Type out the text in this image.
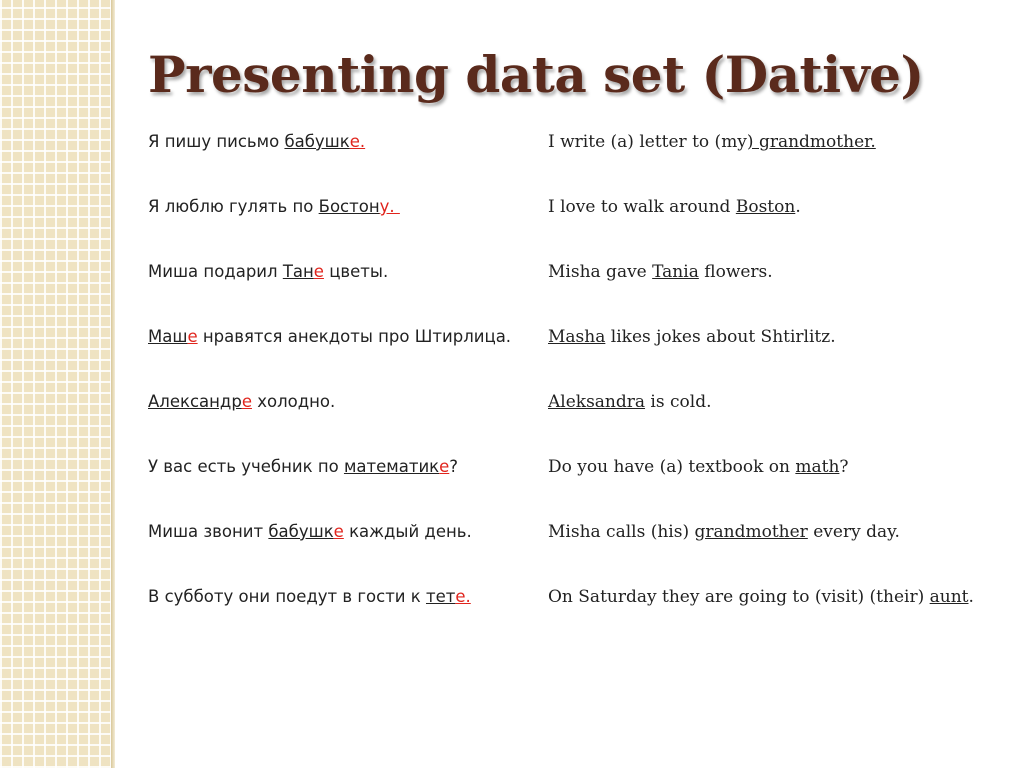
Presenting data set (Dative)
Я пишу письмо бабушке.
Я люблю гулять по Бостону.
Миша подарил Тане цветы.
Маше нравятся анекдоты про Штирлица.
Александре холодно.
У вас есть учебник по математике?
Миша звонит бабушке каждый день.
В субботу они поедут в гости к тете.
I write (a) letter to (my) grandmother.
I love to walk around Boston.
Misha gave Tania flowers.
Masha likes jokes about Shtirlitz.
Aleksandra is cold.
Do you have (a) textbook on math?
Misha calls (his) grandmother every day.
On Saturday they are going to (visit) (their) aunt.
